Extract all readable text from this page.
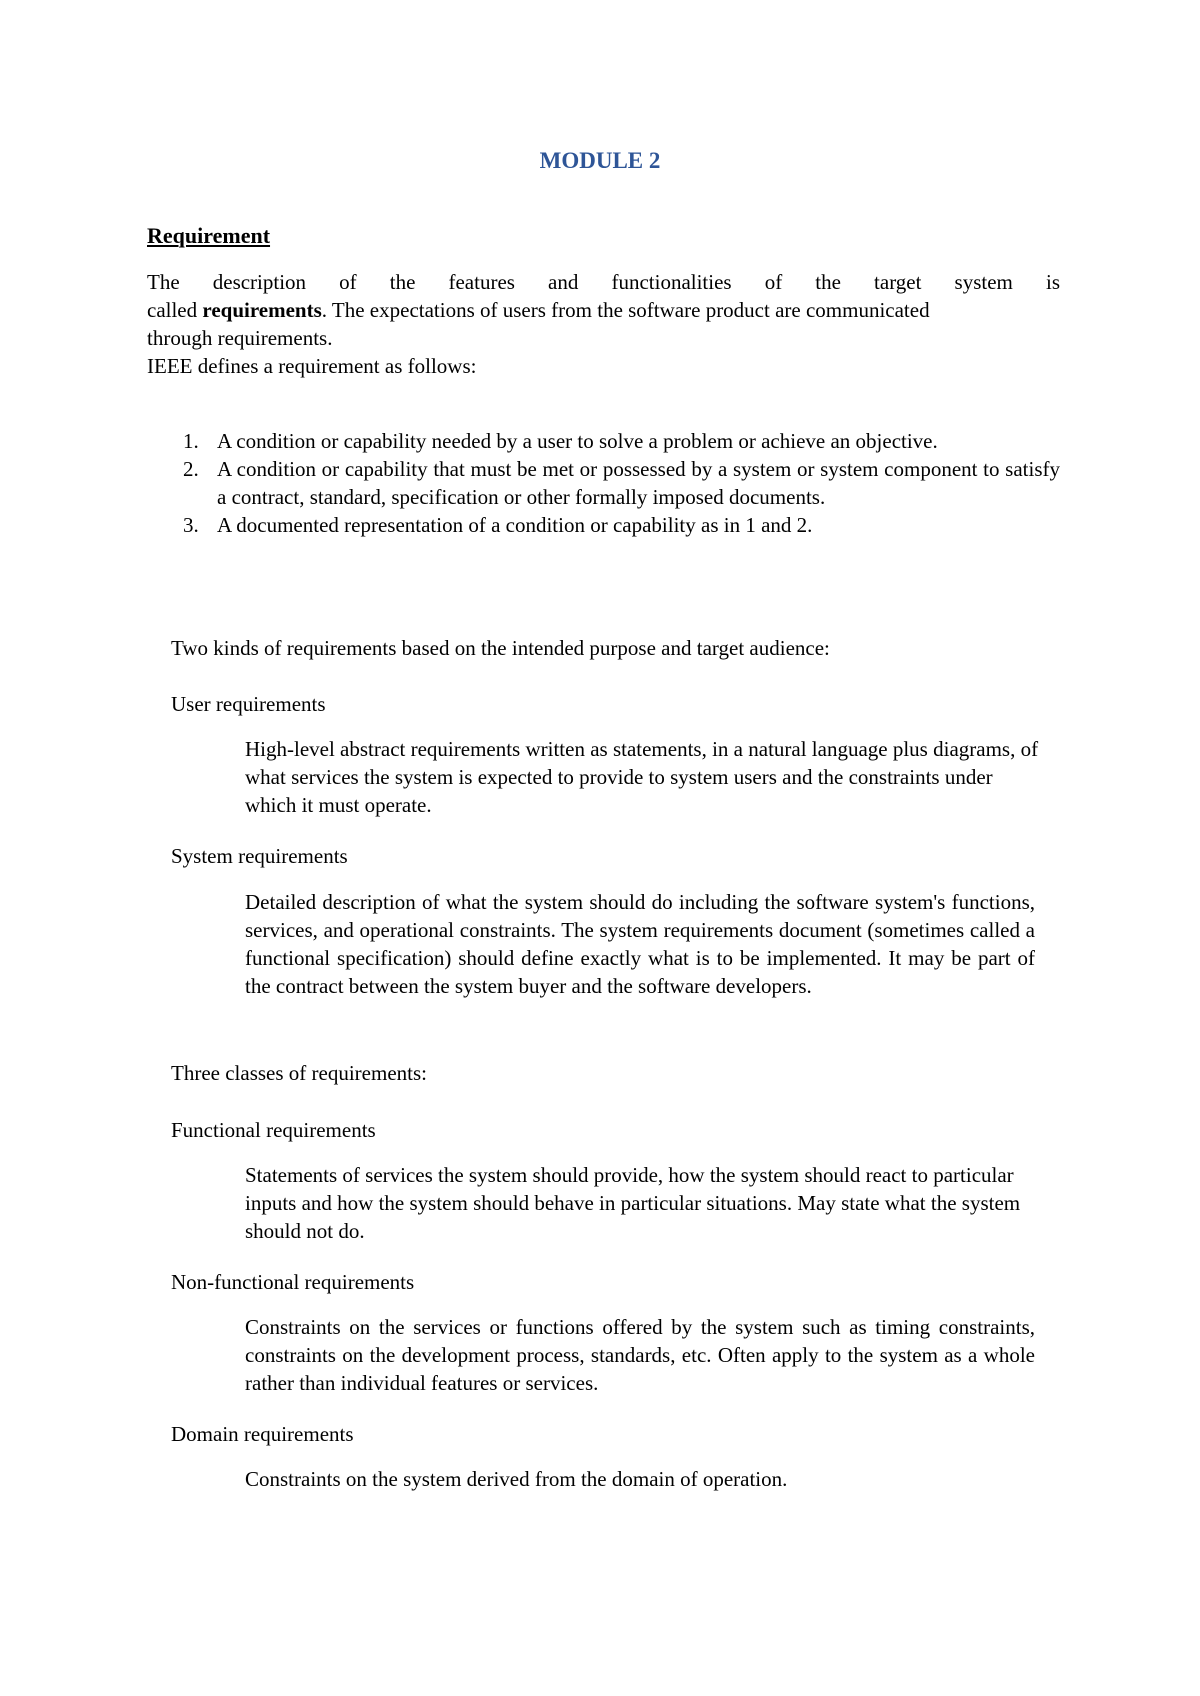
MODULE 2
Requirement

The description of the features and functionalities of the target system is

called requirements. The expectations of users from the software product are communicated

through requirements.

IEEE defines a requirement as follows:

1. A condition or capability needed by a user to solve a problem or achieve an objective.
2. A condition or capability that must be met or possessed by a system or system component to satisfy a contract, standard, specification or other formally imposed documents.
3. A documented representation of a condition or capability as in 1 and 2.
Two kinds of requirements based on the intended purpose and target audience:
User requirements
High-level abstract requirements written as statements, in a natural language plus diagrams, of what services the system is expected to provide to system users and the constraints under which it must operate.
System requirements
Detailed description of what the system should do including the software system's functions, services, and operational constraints. The system requirements document (sometimes called a functional specification) should define exactly what is to be implemented. It may be part of the contract between the system buyer and the software developers.
Three classes of requirements:
Functional requirements
Statements of services the system should provide, how the system should react to particular inputs and how the system should behave in particular situations. May state what the system should not do.
Non-functional requirements
Constraints on the services or functions offered by the system such as timing constraints, constraints on the development process, standards, etc. Often apply to the system as a whole rather than individual features or services.
Domain requirements
Constraints on the system derived from the domain of operation.
